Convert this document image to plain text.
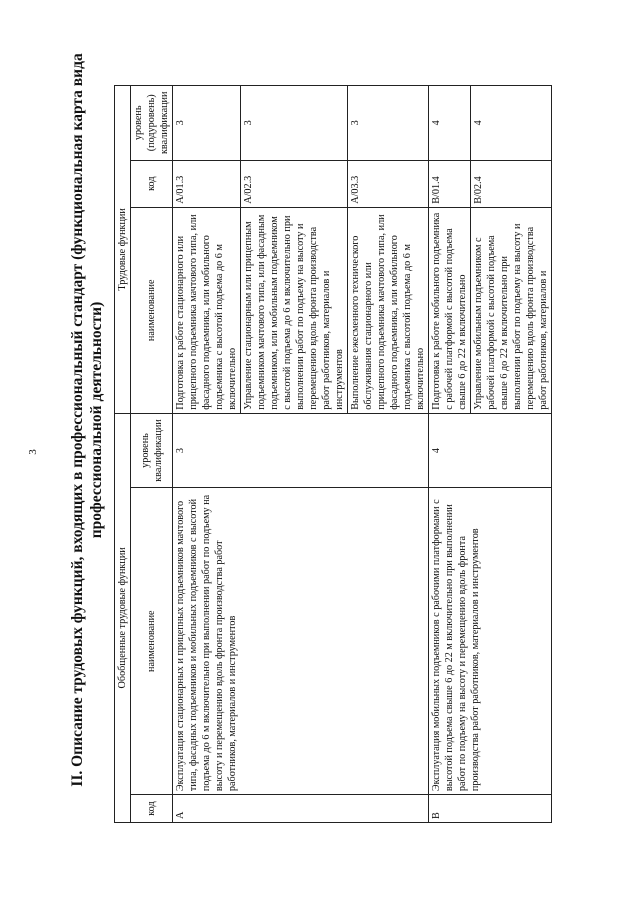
3 II. Описание трудовых функций, входящих в профессиональный стандарт (функциональная карта вида профессиональной деятельности)
Обобщенные трудовые функции			Трудовые функции		
код	наименование	уровень квалификации	наименование	код	уровень (подуровень) квалификации
А	Эксплуатация стационарных и прицепных подъемников мачтового типа, фасадных подъемников и мобильных подъемников с высотой подъема до 6 м включительно при выполнении работ по подъему на высоту и перемещению вдоль фронта производства работ работников, материалов и инструментов	3	Подготовка к работе стационарного или прицепного подъемника мачтового типа, или фасадного подъемника, или мобильного подъемника с высотой подъема до 6 м включительно	A/01.3	3
			Управление стационарным или прицепным подъемником мачтового типа, или фасадным подъемником, или мобильным подъемником с высотой подъема до 6 м включительно при выполнении работ по подъему на высоту и перемещению вдоль фронта производства работ работников, материалов и инструментов	A/02.3	3
			Выполнение ежесменного технического обслуживания стационарного или прицепного подъемника мачтового типа, или фасадного подъемника, или мобильного подъемника с высотой подъема до 6 м включительно	A/03.3	3
В	Эксплуатация мобильных подъемников с рабочими платформами с высотой подъема свыше 6 до 22 м включительно при выполнении работ по подъему на высоту и перемещению вдоль фронта производства работ работников, материалов и инструментов	4	Подготовка к работе мобильного подъемника с рабочей платформой с высотой подъема свыше 6 до 22 м включительно	B/01.4	4
			Управление мобильным подъемником с рабочей платформой с высотой подъема свыше 6 до 22 м включительно при выполнении работ по подъему на высоту и перемещению вдоль фронта производства работ работников, материалов и	B/02.4	4
